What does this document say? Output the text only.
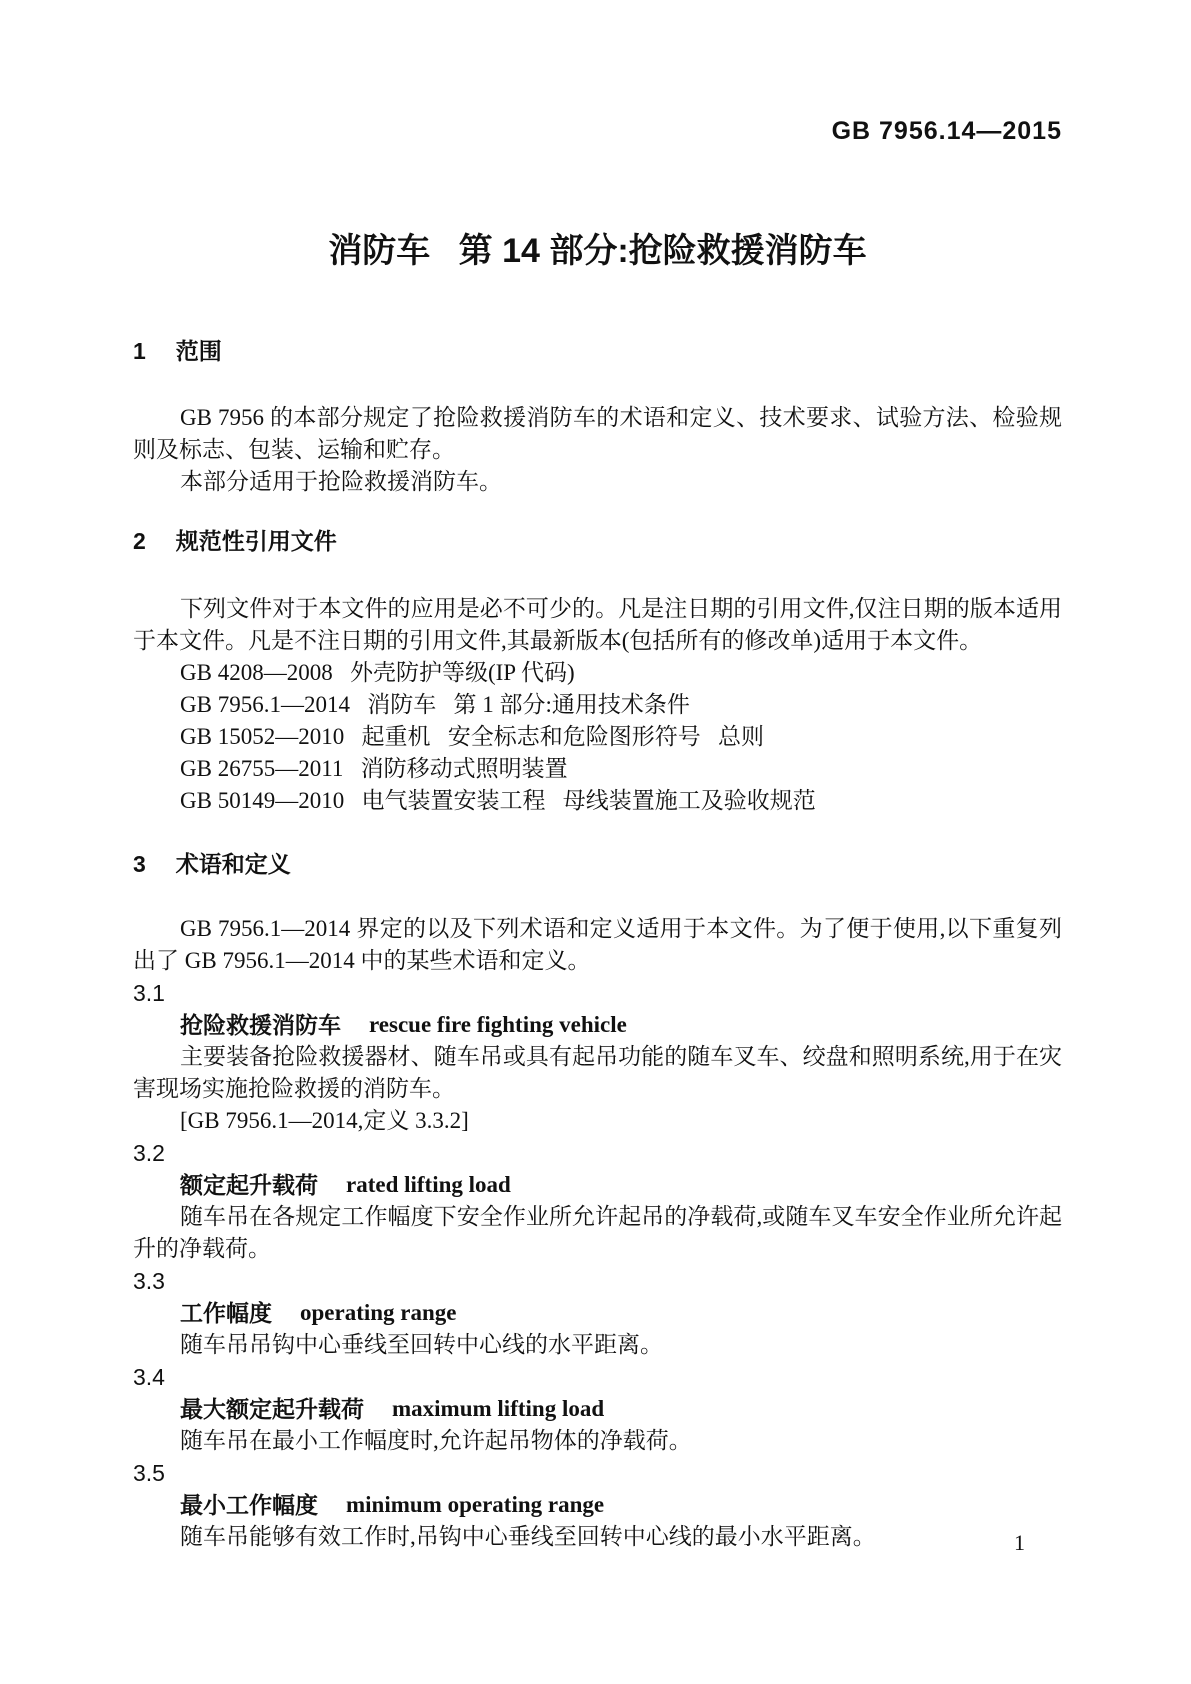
GB 7956.14—2015
消防车   第 14 部分:抢险救援消防车
1 范围

GB 7956 的本部分规定了抢险救援消防车的术语和定义、技术要求、试验方法、检验规则及标志、包装、运输和贮存。

本部分适用于抢险救援消防车。

2 规范性引用文件

下列文件对于本文件的应用是必不可少的。凡是注日期的引用文件,仅注日期的版本适用于本文件。凡是不注日期的引用文件,其最新版本(包括所有的修改单)适用于本文件。

GB 4208—2008   外壳防护等级(IP 代码)

GB 7956.1—2014   消防车   第 1 部分:通用技术条件

GB 15052—2010   起重机   安全标志和危险图形符号   总则

GB 26755—2011   消防移动式照明装置

GB 50149—2010   电气装置安装工程   母线装置施工及验收规范

3 术语和定义

GB 7956.1—2014 界定的以及下列术语和定义适用于本文件。为了便于使用,以下重复列出了 GB 7956.1—2014 中的某些术语和定义。

3.1
抢险救援消防车 rescue fire fighting vehicle

主要装备抢险救援器材、随车吊或具有起吊功能的随车叉车、绞盘和照明系统,用于在灾害现场实施抢险救援的消防车。

[GB 7956.1—2014,定义 3.3.2]

3.2
额定起升载荷 rated lifting load

随车吊在各规定工作幅度下安全作业所允许起吊的净载荷,或随车叉车安全作业所允许起升的净载荷。

3.3
工作幅度 operating range

随车吊吊钩中心垂线至回转中心线的水平距离。

3.4
最大额定起升载荷 maximum lifting load

随车吊在最小工作幅度时,允许起吊物体的净载荷。

3.5
最小工作幅度 minimum operating range

随车吊能够有效工作时,吊钩中心垂线至回转中心线的最小水平距离。	1
